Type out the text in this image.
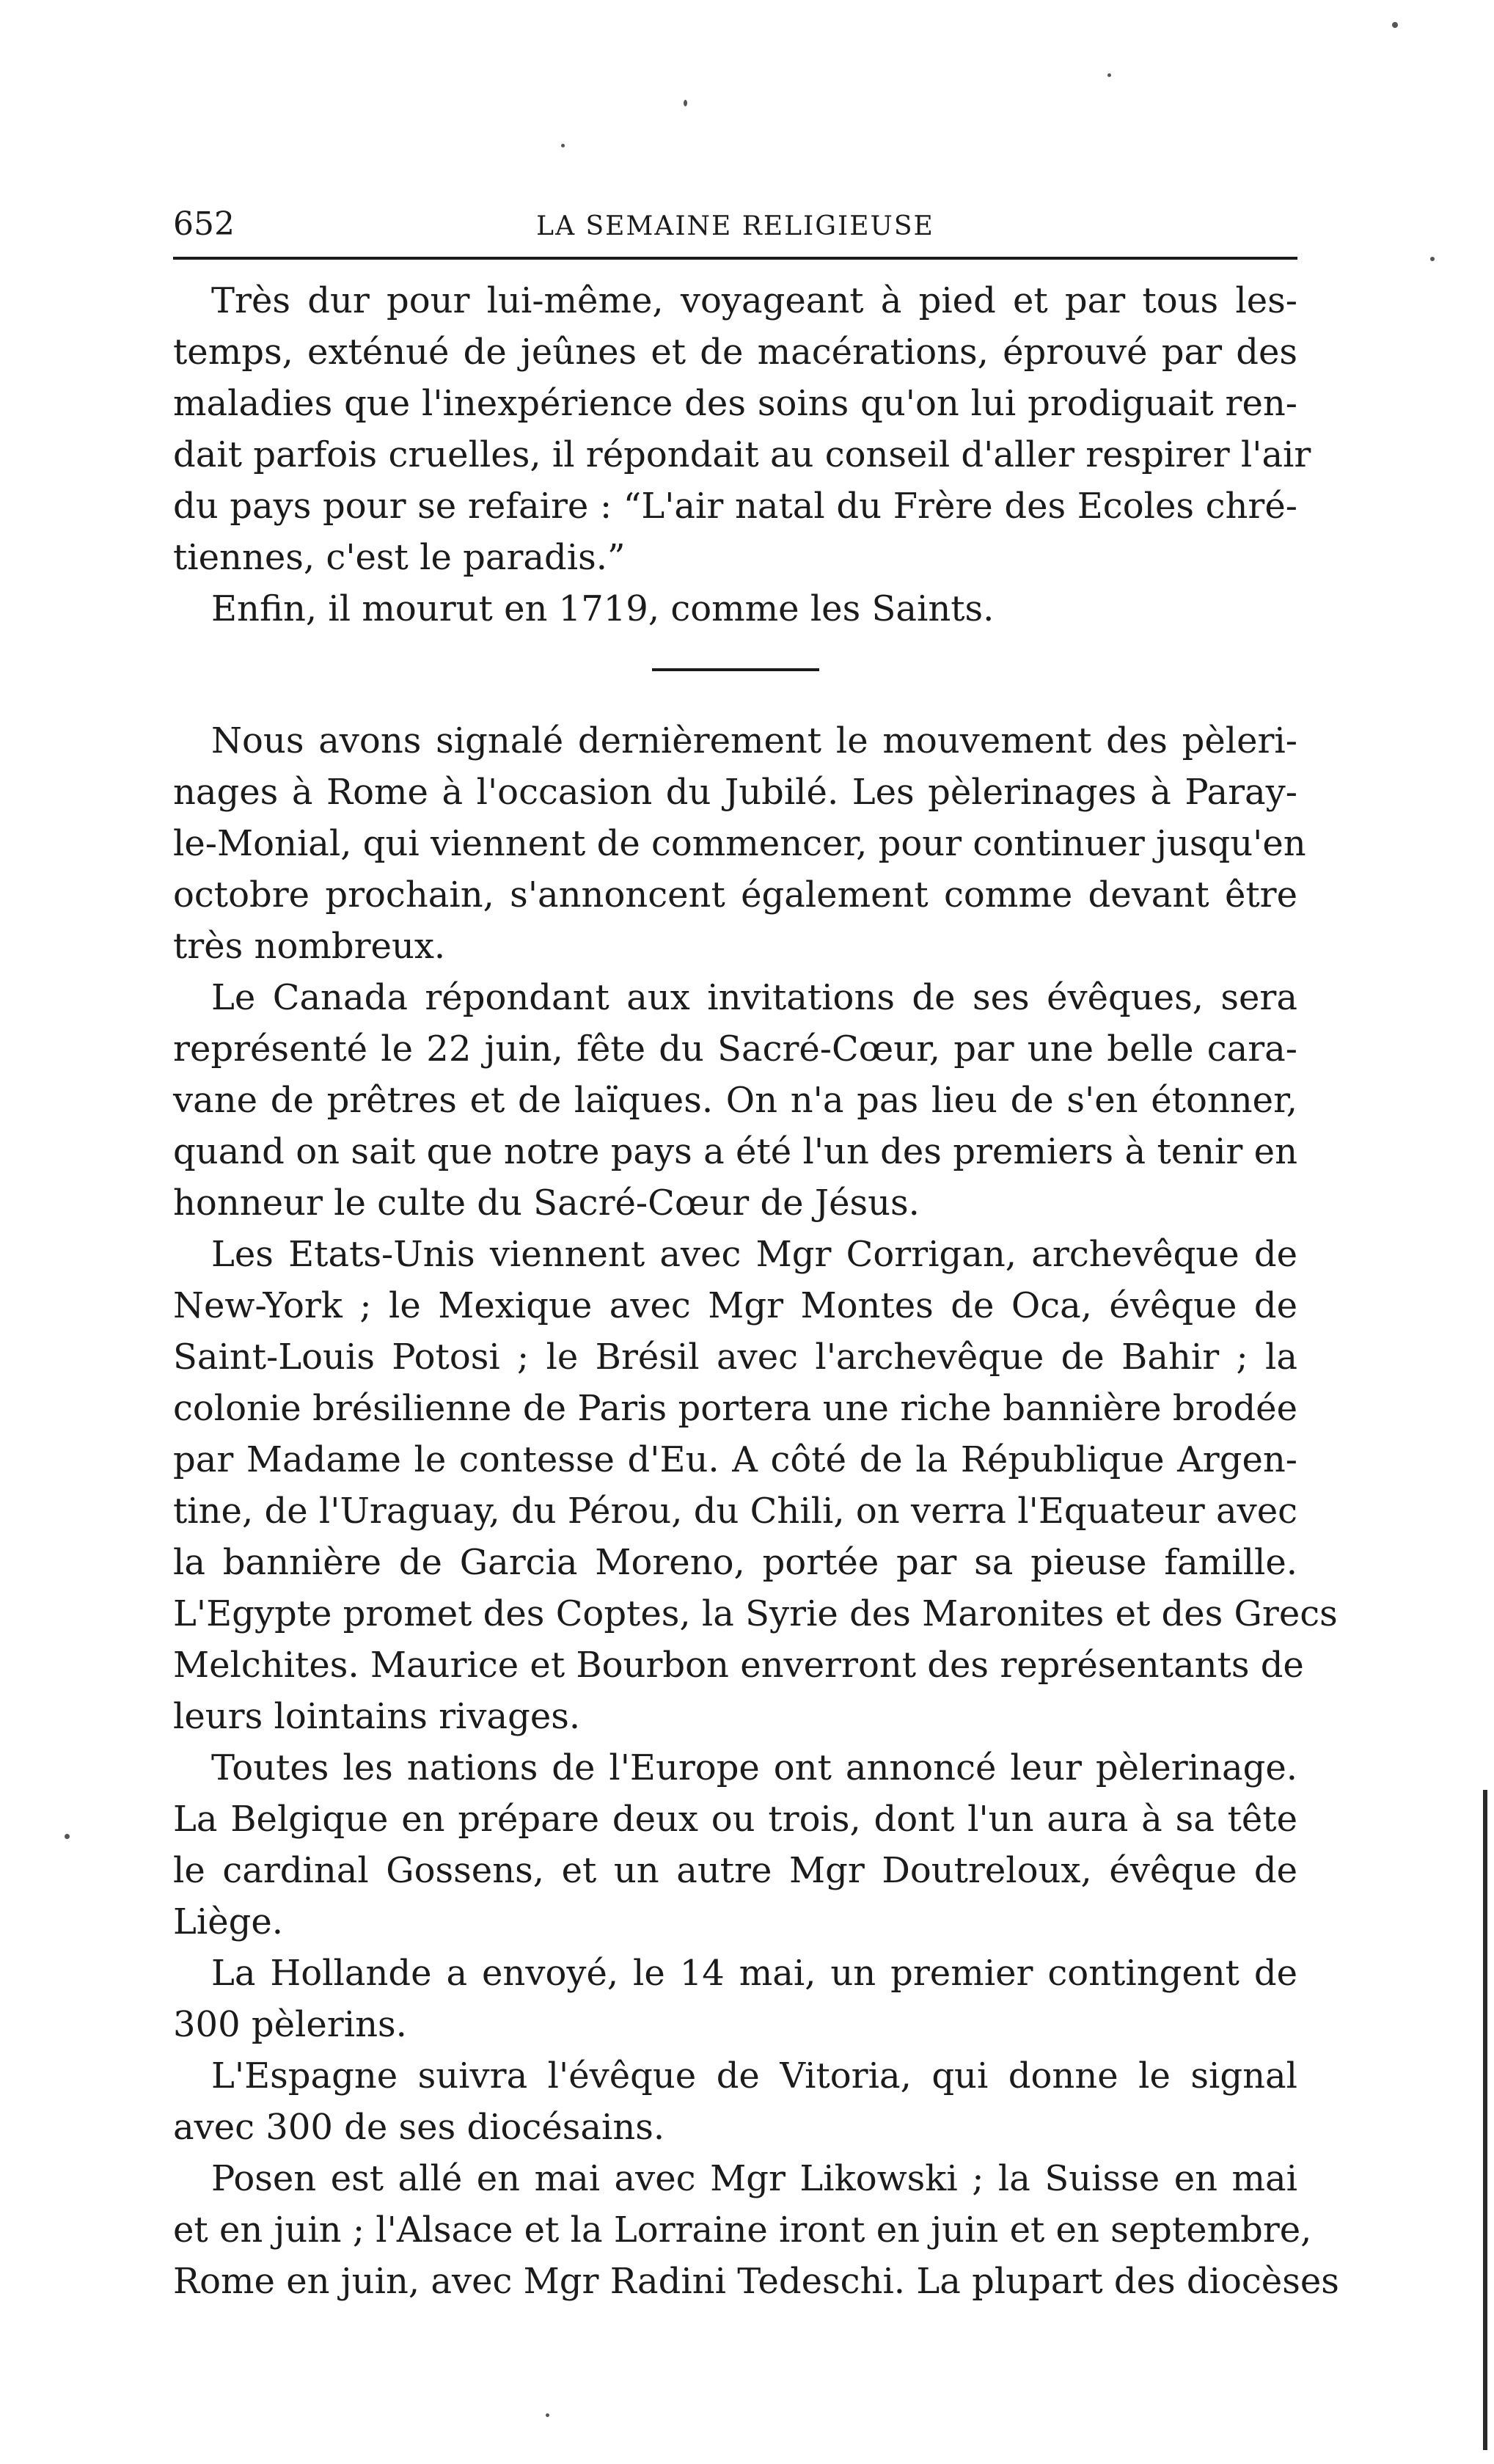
652	LA SEMAINE RELIGIEUSE
Très dur pour lui-même, voyageant à pied et par tous les-
temps, exténué de jeûnes et de macérations, éprouvé par des
maladies que l'inexpérience des soins qu'on lui prodiguait ren-
dait parfois cruelles, il répondait au conseil d'aller respirer l'air
du pays pour se refaire : “L'air natal du Frère des Ecoles chré-
tiennes, c'est le paradis.”
Enfin, il mourut en 1719, comme les Saints.
Nous avons signalé dernièrement le mouvement des pèleri-
nages à Rome à l'occasion du Jubilé. Les pèlerinages à Paray-
le-Monial, qui viennent de commencer, pour continuer jusqu'en
octobre prochain, s'annoncent également comme devant être
très nombreux.
Le Canada répondant aux invitations de ses évêques, sera
représenté le 22 juin, fête du Sacré-Cœur, par une belle cara-
vane de prêtres et de laïques. On n'a pas lieu de s'en étonner,
quand on sait que notre pays a été l'un des premiers à tenir en
honneur le culte du Sacré-Cœur de Jésus.
Les Etats-Unis viennent avec Mgr Corrigan, archevêque de
New-York ; le Mexique avec Mgr Montes de Oca, évêque de
Saint-Louis Potosi ; le Brésil avec l'archevêque de Bahir ; la
colonie brésilienne de Paris portera une riche bannière brodée
par Madame le contesse d'Eu. A côté de la République Argen-
tine, de l'Uraguay, du Pérou, du Chili, on verra l'Equateur avec
la bannière de Garcia Moreno, portée par sa pieuse famille.
L'Egypte promet des Coptes, la Syrie des Maronites et des Grecs
Melchites. Maurice et Bourbon enverront des représentants de
leurs lointains rivages.
Toutes les nations de l'Europe ont annoncé leur pèlerinage.
La Belgique en prépare deux ou trois, dont l'un aura à sa tête
le cardinal Gossens, et un autre Mgr Doutreloux, évêque de
Liège.
La Hollande a envoyé, le 14 mai, un premier contingent de
300 pèlerins.
L'Espagne suivra l'évêque de Vitoria, qui donne le signal
avec 300 de ses diocésains.
Posen est allé en mai avec Mgr Likowski ; la Suisse en mai
et en juin ; l'Alsace et la Lorraine iront en juin et en septembre,
Rome en juin, avec Mgr Radini Tedeschi. La plupart des diocèses
